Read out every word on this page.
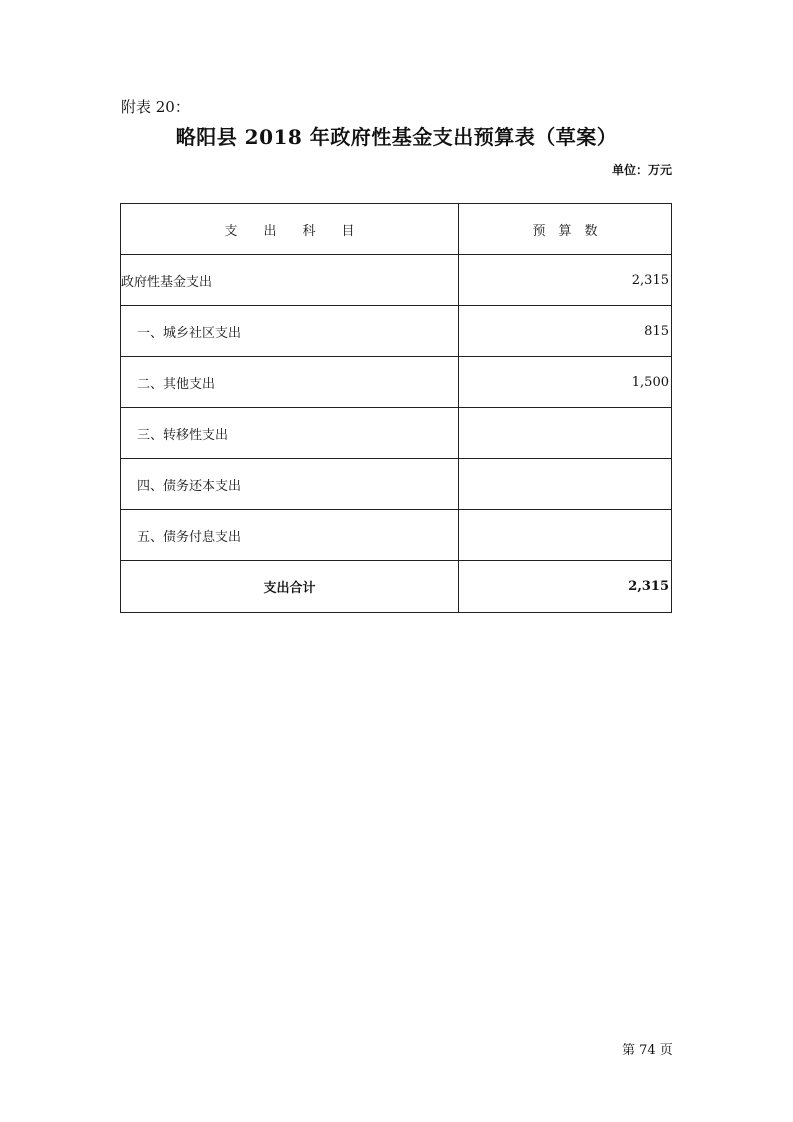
附表 20：
略阳县 2018 年政府性基金支出预算表（草案）
单位：万元
支　　出　　科　　目	预　算　数
政府性基金支出	2,315
一、城乡社区支出	815
二、其他支出	1,500
三、转移性支出	
四、债务还本支出	
五、债务付息支出	
支出合计	2,315
第 74 页
